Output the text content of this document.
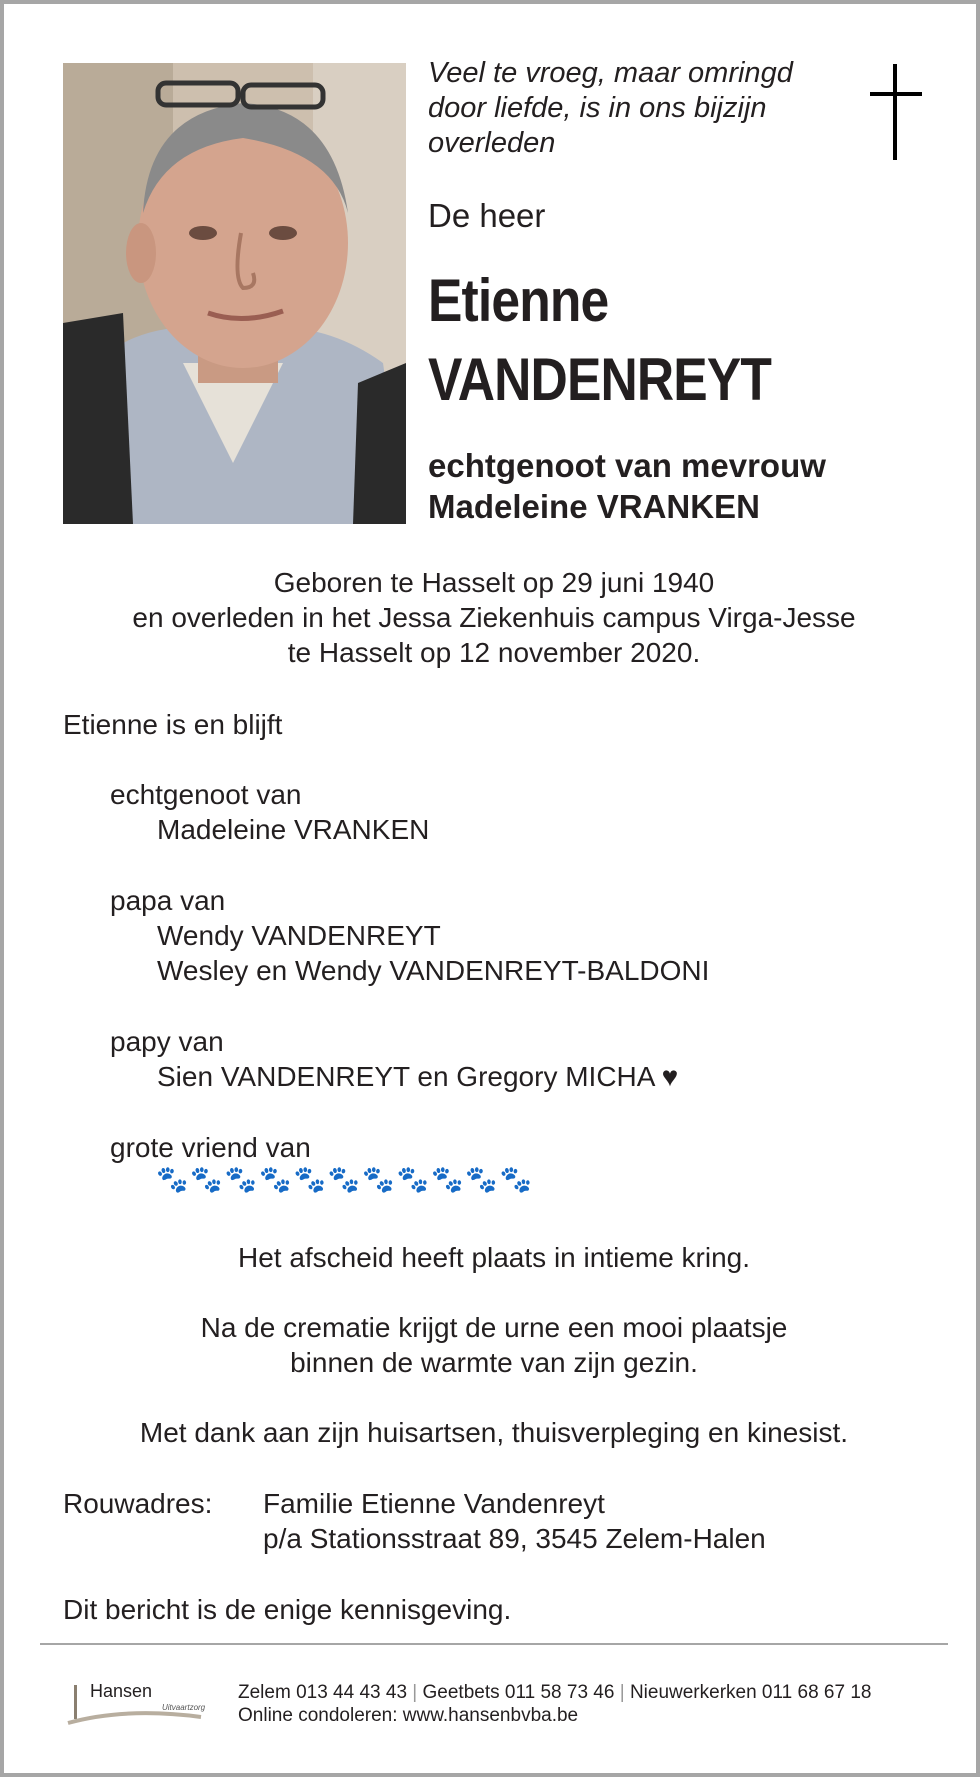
Veel te vroeg, maar omringd
door liefde, is in ons bijzijn
overleden
De heer
Etienne
VANDENREYT
echtgenoot van mevrouw
Madeleine VRANKEN
Geboren te Hasselt op 29 juni 1940
en overleden in het Jessa Ziekenhuis campus Virga-Jesse
te Hasselt op 12 november 2020.
Etienne is en blijft
echtgenoot van
Madeleine VRANKEN
papa van
Wendy VANDENREYT
Wesley en Wendy VANDENREYT-BALDONI
papy van
Sien VANDENREYT en Gregory MICHA ♥
grote vriend van
🐾🐾🐾🐾🐾🐾🐾🐾🐾🐾🐾
Het afscheid heeft plaats in intieme kring.
Na de crematie krijgt de urne een mooi plaatsje
binnen de warmte van zijn gezin.
Met dank aan zijn huisartsen, thuisverpleging en kinesist.
Rouwadres: Familie Etienne Vandenreyt
p/a Stationsstraat 89, 3545 Zelem-Halen
Dit bericht is de enige kennisgeving.
Hansen
Uitvaartzorg
Zelem 013 44 43 43 | Geetbets 011 58 73 46 | Nieuwerkerken 011 68 67 18
Online condoleren: www.hansenbvba.be
